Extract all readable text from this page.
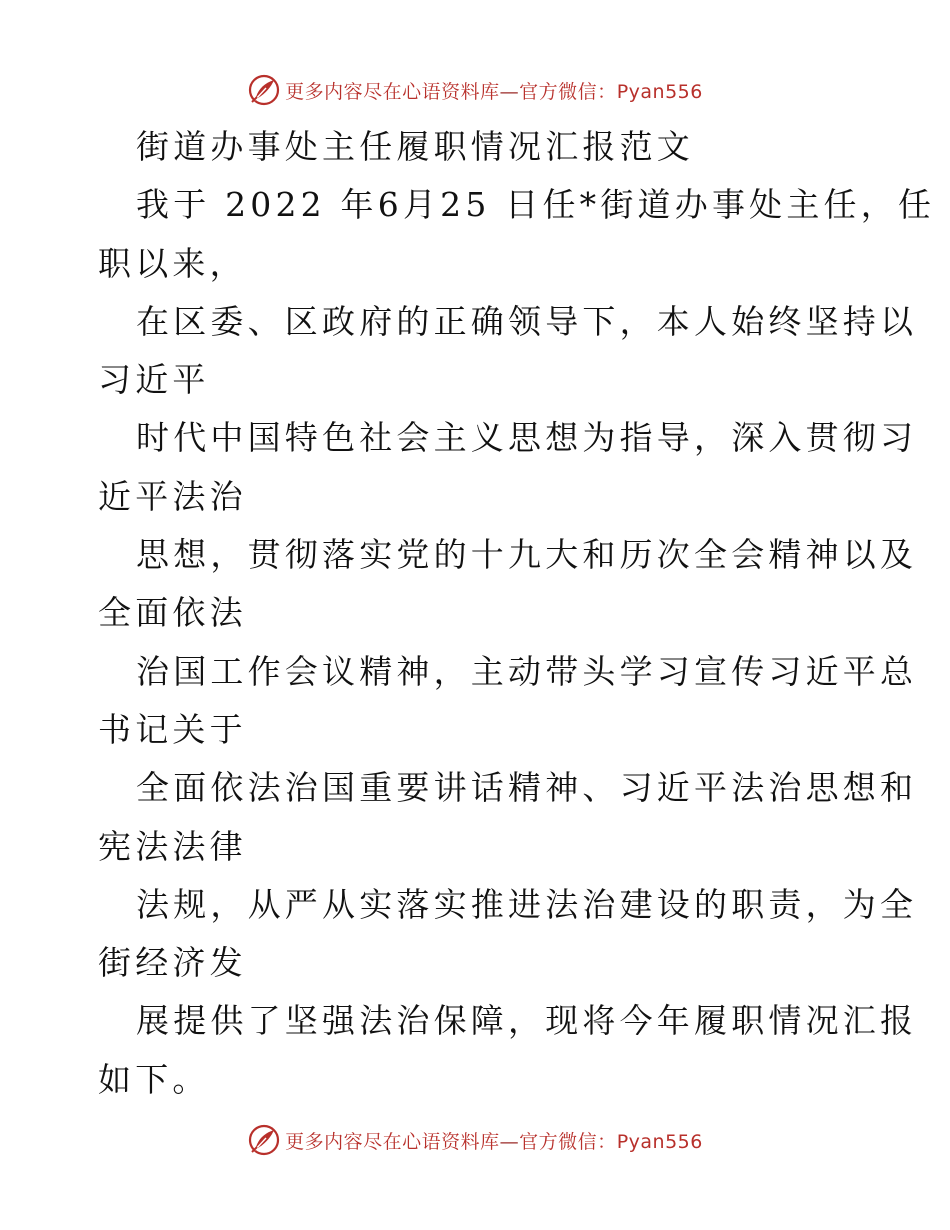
更多内容尽在心语资料库—官方微信：Pyan556
街道办事处主任履职情况汇报范文
我于 2022 年6月25 日任*街道办事处主任，任
职以来，
在区委、区政府的正确领导下，本人始终坚持以
习近平
时代中国特色社会主义思想为指导，深入贯彻习
近平法治
思想，贯彻落实党的十九大和历次全会精神以及
全面依法
治国工作会议精神，主动带头学习宣传习近平总
书记关于
全面依法治国重要讲话精神、习近平法治思想和
宪法法律
法规，从严从实落实推进法治建设的职责，为全
街经济发
展提供了坚强法治保障，现将今年履职情况汇报
如下。
更多内容尽在心语资料库—官方微信：Pyan556
